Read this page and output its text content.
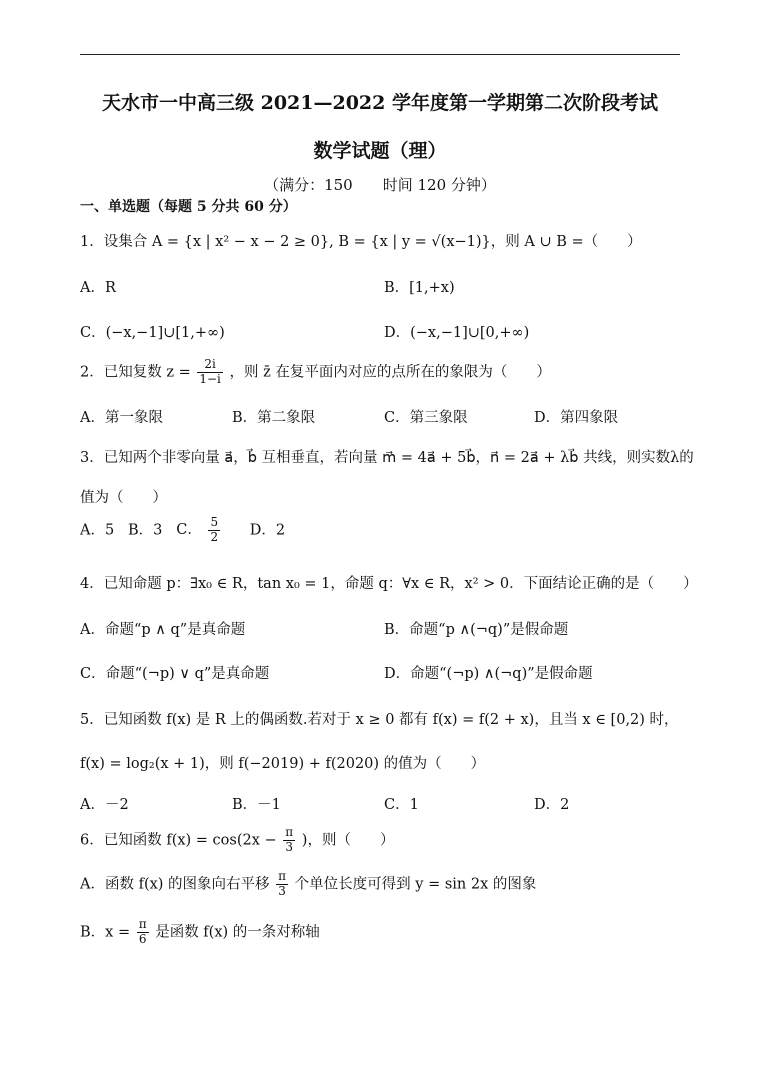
天水市一中高三级 2021—2022 学年度第一学期第二次阶段考试
数学试题（理）
（满分：150　　时间 120 分钟）
一、单选题（每题 5 分共 60 分）
1．设集合 A = {x | x² − x − 2 ≥ 0}, B = {x | y = √(x−1)}，则 A ∪ B =（　　）
A．R	B．[1,+x)
C．(−x,−1]∪[1,+∞)	D．(−x,−1]∪[0,+∞)
2．已知复数 $z = \frac{2i}{1-i}$ ，则 z̄ 在复平面内对应的点所在的象限为（　　）
A．第一象限	B．第二象限	C．第三象限	D．第四象限
3．已知两个非零向量 a⃗，b⃗ 互相垂直，若向量 m⃗ = 4a⃗ + 5b⃗，n⃗ = 2a⃗ + λb⃗ 共线，则实数λ的
值为（　　）
A．5 B．3 C． $\frac{5}{2}$ D．2
4．已知命题 p：∃x₀ ∈ R，tan x₀ = 1，命题 q：∀x ∈ R，x² > 0．下面结论正确的是（　　）
A．命题“p ∧ q”是真命题	B．命题“p ∧(¬q)”是假命题
C．命题“(¬p) ∨ q”是真命题	D．命题“(¬p) ∧(¬q)”是假命题
5．已知函数 f(x) 是 R 上的偶函数.若对于 x ≥ 0 都有 f(x) = f(2 + x)，且当 x ∈ [0,2) 时，
f(x) = log₂(x + 1)，则 f(−2019) + f(2020) 的值为（　　）
A．－2	B．－1	C．1	D．2
6．已知函数 $f(x) = \cos(2x - \frac{\pi}{3}$ )，则（　　）
A．函数 f(x) 的图象向右平移 $\frac{\pi}{3}$ 个单位长度可得到 y = sin 2x 的图象
B．$x = \frac{\pi}{6}$ 是函数 f(x) 的一条对称轴
